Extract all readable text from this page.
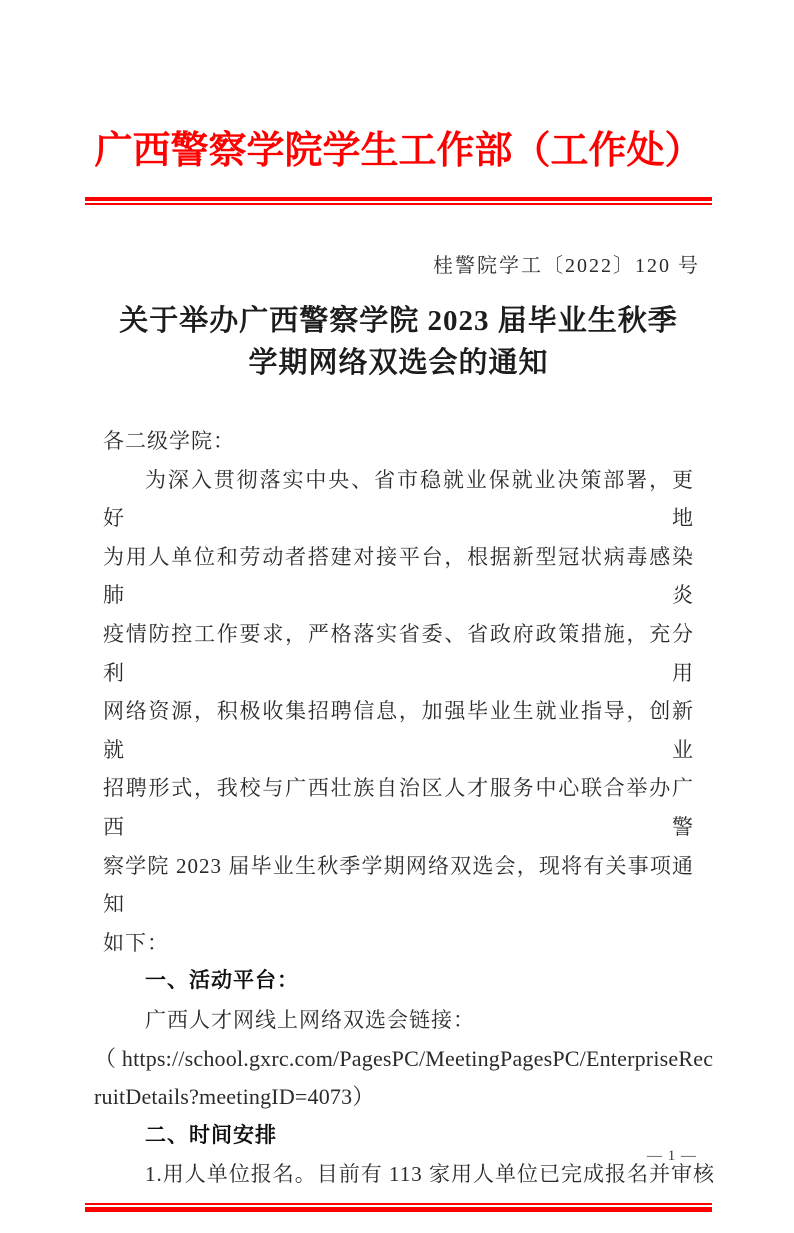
广西警察学院学生工作部（工作处）
桂警院学工〔2022〕120 号
关于举办广西警察学院 2023 届毕业生秋季
学期网络双选会的通知
各二级学院：
为深入贯彻落实中央、省市稳就业保就业决策部署，更好地
为用人单位和劳动者搭建对接平台，根据新型冠状病毒感染肺炎
疫情防控工作要求，严格落实省委、省政府政策措施，充分利用
网络资源，积极收集招聘信息，加强毕业生就业指导，创新就业
招聘形式，我校与广西壮族自治区人才服务中心联合举办广西警
察学院 2023 届毕业生秋季学期网络双选会，现将有关事项通知
如下：
一、活动平台：
广西人才网线上网络双选会链接：
（ https://school.gxrc.com/PagesPC/MeetingPagesPC/EnterpriseRec
ruitDetails?meetingID=4073）
二、时间安排
1.用人单位报名。目前有 113 家用人单位已完成报名并审核
— 1 —
